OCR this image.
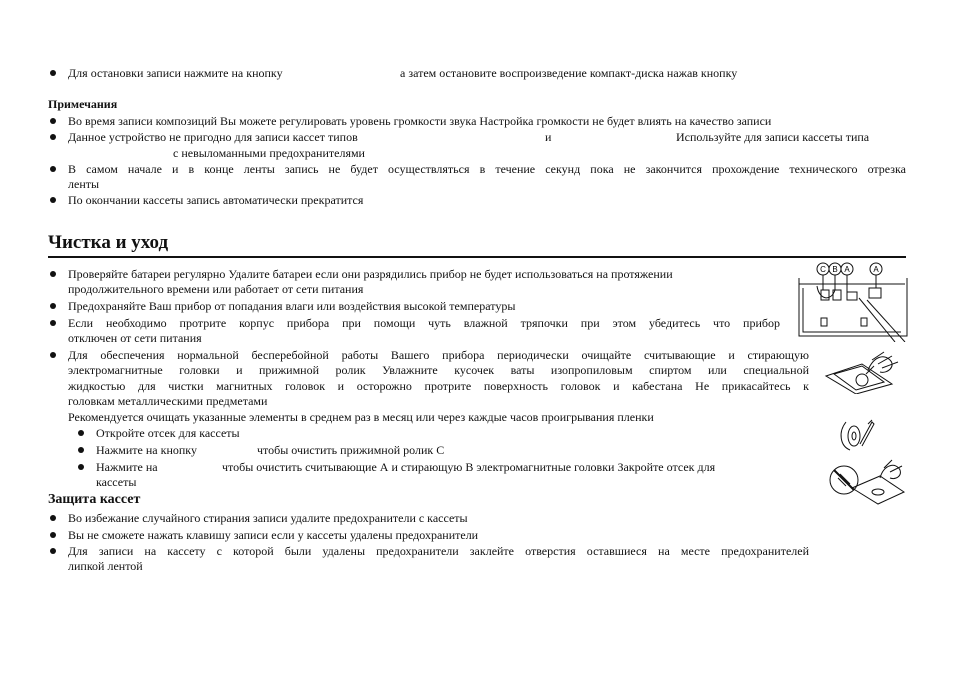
Для остановки записи нажмите на кнопку	а затем остановите воспроизведение компакт-диска нажав кнопку
Примечания
Во время записи композиций Вы можете регулировать уровень громкости звука Настройка громкости не будет влиять на качество записи
Данное устройство не пригодно для записи кассет типов	и	Используйте для записи кассеты типа
с невыломанными предохранителями
В самом начале и в конце ленты запись не будет осуществляться в течение секунд пока не закончится прохождение технического отрезка
ленты
По окончании кассеты запись автоматически прекратится
Чистка и уход
C B A	A
Проверяйте батареи регулярно Удалите батареи если они разрядились прибор не будет использоваться на протяжении
продолжительного времени или работает от сети питания
Предохраняйте Ваш прибор от попадания влаги или воздействия высокой температуры
Если необходимо протрите корпус прибора при помощи чуть влажной тряпочки при этом убедитесь что прибор
отключен от сети питания
Для обеспечения нормальной бесперебойной работы Вашего прибора периодически очищайте считывающие и стирающую
электромагнитные головки и прижимной ролик Увлажните кусочек ваты изопропиловым спиртом или специальной
жидкостью для чистки магнитных головок и осторожно протрите поверхность головок и кабестана Не прикасайтесь к
головкам металлическими предметами
Рекомендуется очищать указанные элементы в среднем раз в месяц или через каждые часов проигрывания пленки
Откройте отсек для кассеты
Нажмите на кнопку	чтобы очистить прижимной ролик С
Нажмите на	чтобы очистить считывающие А и стирающую В электромагнитные головки Закройте отсек для
кассеты
Защита кассет
Во избежание случайного стирания записи удалите предохранители с кассеты
Вы не сможете нажать клавишу записи если у кассеты удалены предохранители
Для записи на кассету с которой были удалены предохранители заклейте отверстия оставшиеся на месте предохранителей
липкой лентой
